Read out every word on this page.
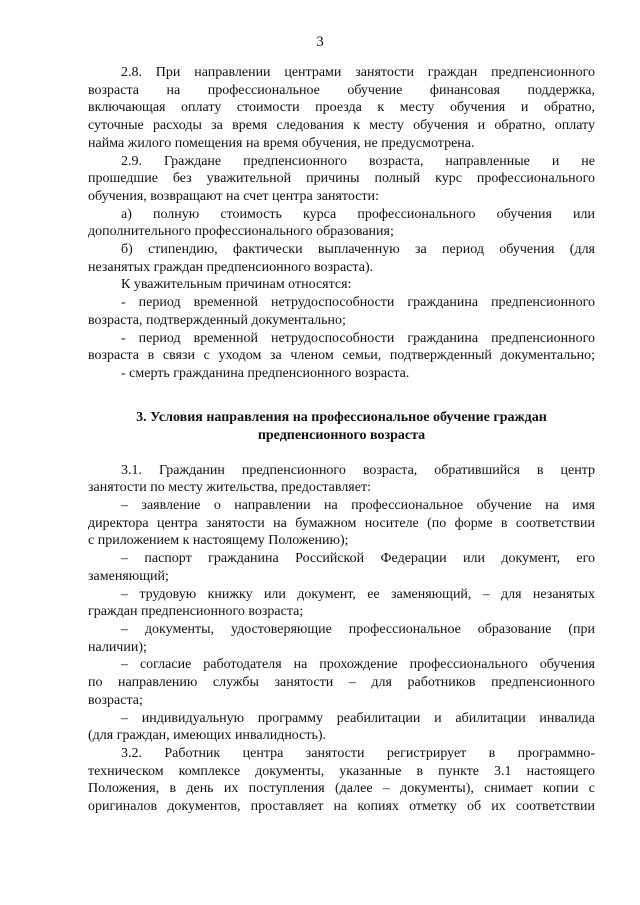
3

2.8. При направлении центрами занятости граждан предпенсионного

возраста на профессиональное обучение финансовая поддержка,

включающая оплату стоимости проезда к месту обучения и обратно,

суточные расходы за время следования к месту обучения и обратно, оплату

найма жилого помещения на время обучения, не предусмотрена.

2.9. Граждане предпенсионного возраста, направленные и не

прошедшие без уважительной причины полный курс профессионального

обучения, возвращают на счет центра занятости:

а) полную стоимость курса профессионального обучения или

дополнительного профессионального образования;

б) стипендию, фактически выплаченную за период обучения (для

незанятых граждан предпенсионного возраста).

К уважительным причинам относятся:

- период временной нетрудоспособности гражданина предпенсионного

возраста, подтвержденный документально;

- период временной нетрудоспособности гражданина предпенсионного

возраста в связи с уходом за членом семьи, подтвержденный документально;

- смерть гражданина предпенсионного возраста.

3. Условия направления на профессиональное обучение граждан
предпенсионного возраста

3.1. Гражданин предпенсионного возраста, обратившийся в центр

занятости по месту жительства, предоставляет:

– заявление о направлении на профессиональное обучение на имя

директора центра занятости на бумажном носителе (по форме в соответствии

с приложением к настоящему Положению);

– паспорт гражданина Российской Федерации или документ, его

заменяющий;

– трудовую книжку или документ, ее заменяющий, – для незанятых

граждан предпенсионного возраста;

– документы, удостоверяющие профессиональное образование (при

наличии);

– согласие работодателя на прохождение профессионального обучения

по направлению службы занятости – для работников предпенсионного

возраста;

– индивидуальную программу реабилитации и абилитации инвалида

(для граждан, имеющих инвалидность).

3.2. Работник центра занятости регистрирует в программно-

техническом комплексе документы, указанные в пункте 3.1 настоящего

Положения, в день их поступления (далее – документы), снимает копии с

оригиналов документов, проставляет на копиях отметку об их соответствии
